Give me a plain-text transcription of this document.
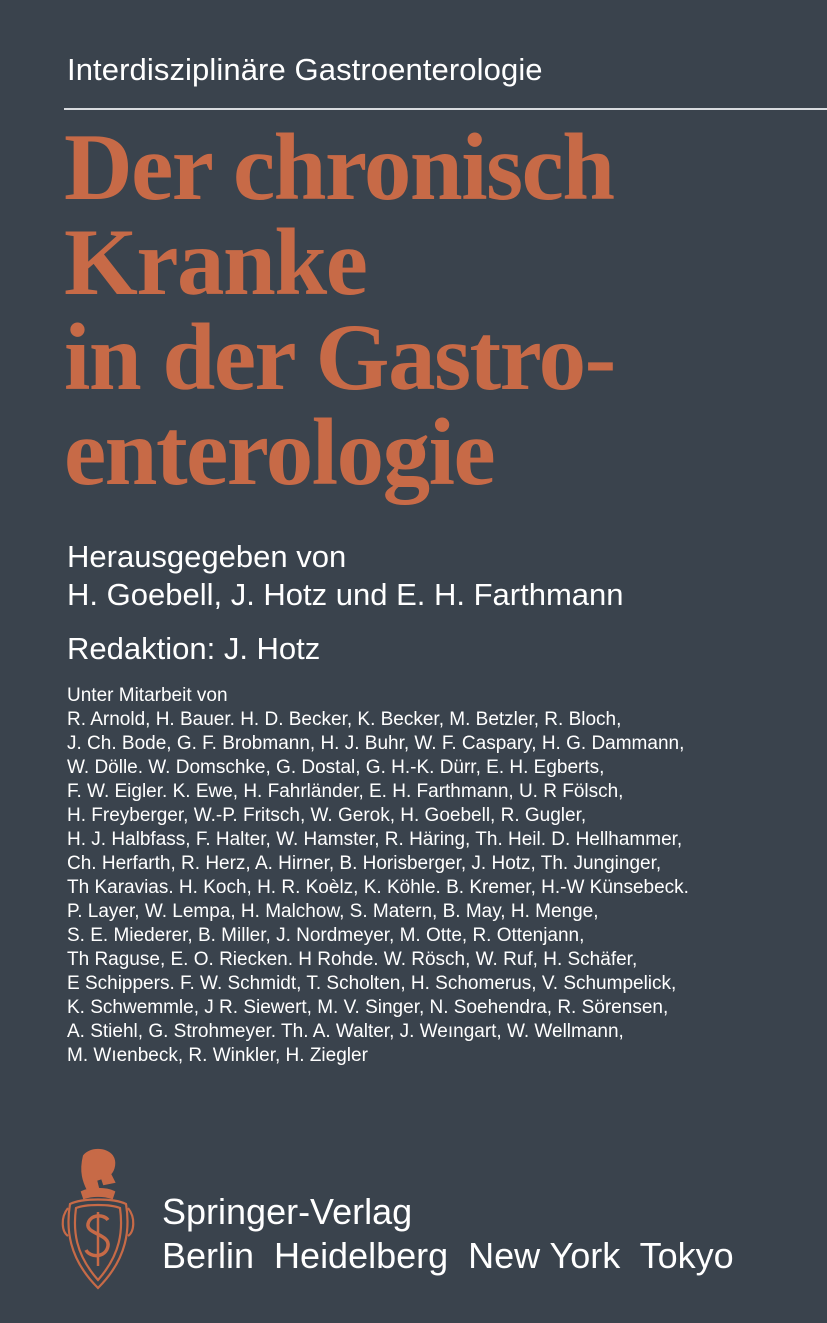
Interdisziplinäre Gastroenterologie
Der chronisch
Kranke
in der Gastro-
enterologie
Herausgegeben von
H. Goebell, J. Hotz und E. H. Farthmann
Redaktion: J. Hotz
Unter Mitarbeit von
R. Arnold, H. Bauer. H. D. Becker, K. Becker, M. Betzler, R. Bloch,
J. Ch. Bode, G. F. Brobmann, H. J. Buhr, W. F. Caspary, H. G. Dammann,
W. Dölle. W. Domschke, G. Dostal, G. H.-K. Dürr, E. H. Egberts,
F. W. Eigler. K. Ewe, H. Fahrländer, E. H. Farthmann, U. R Fölsch,
H. Freyberger, W.-P. Fritsch, W. Gerok, H. Goebell, R. Gugler,
H. J. Halbfass, F. Halter, W. Hamster, R. Häring, Th. Heil. D. Hellhammer,
Ch. Herfarth, R. Herz, A. Hirner, B. Horisberger, J. Hotz, Th. Junginger,
Th Karavias. H. Koch, H. R. Koèlz, K. Köhle. B. Kremer, H.-W Künsebeck.
P. Layer, W. Lempa, H. Malchow, S. Matern, B. May, H. Menge,
S. E. Miederer, B. Miller, J. Nordmeyer, M. Otte, R. Ottenjann,
Th Raguse, E. O. Riecken. H Rohde. W. Rösch, W. Ruf, H. Schäfer,
E Schippers. F. W. Schmidt, T. Scholten, H. Schomerus, V. Schumpelick,
K. Schwemmle, J R. Siewert, M. V. Singer, N. Soehendra, R. Sörensen,
A. Stiehl, G. Strohmeyer. Th. A. Walter, J. Weıngart, W. Wellmann,
M. Wıenbeck, R. Winkler, H. Ziegler
Springer-Verlag
Berlin  Heidelberg  New York  Tokyo
